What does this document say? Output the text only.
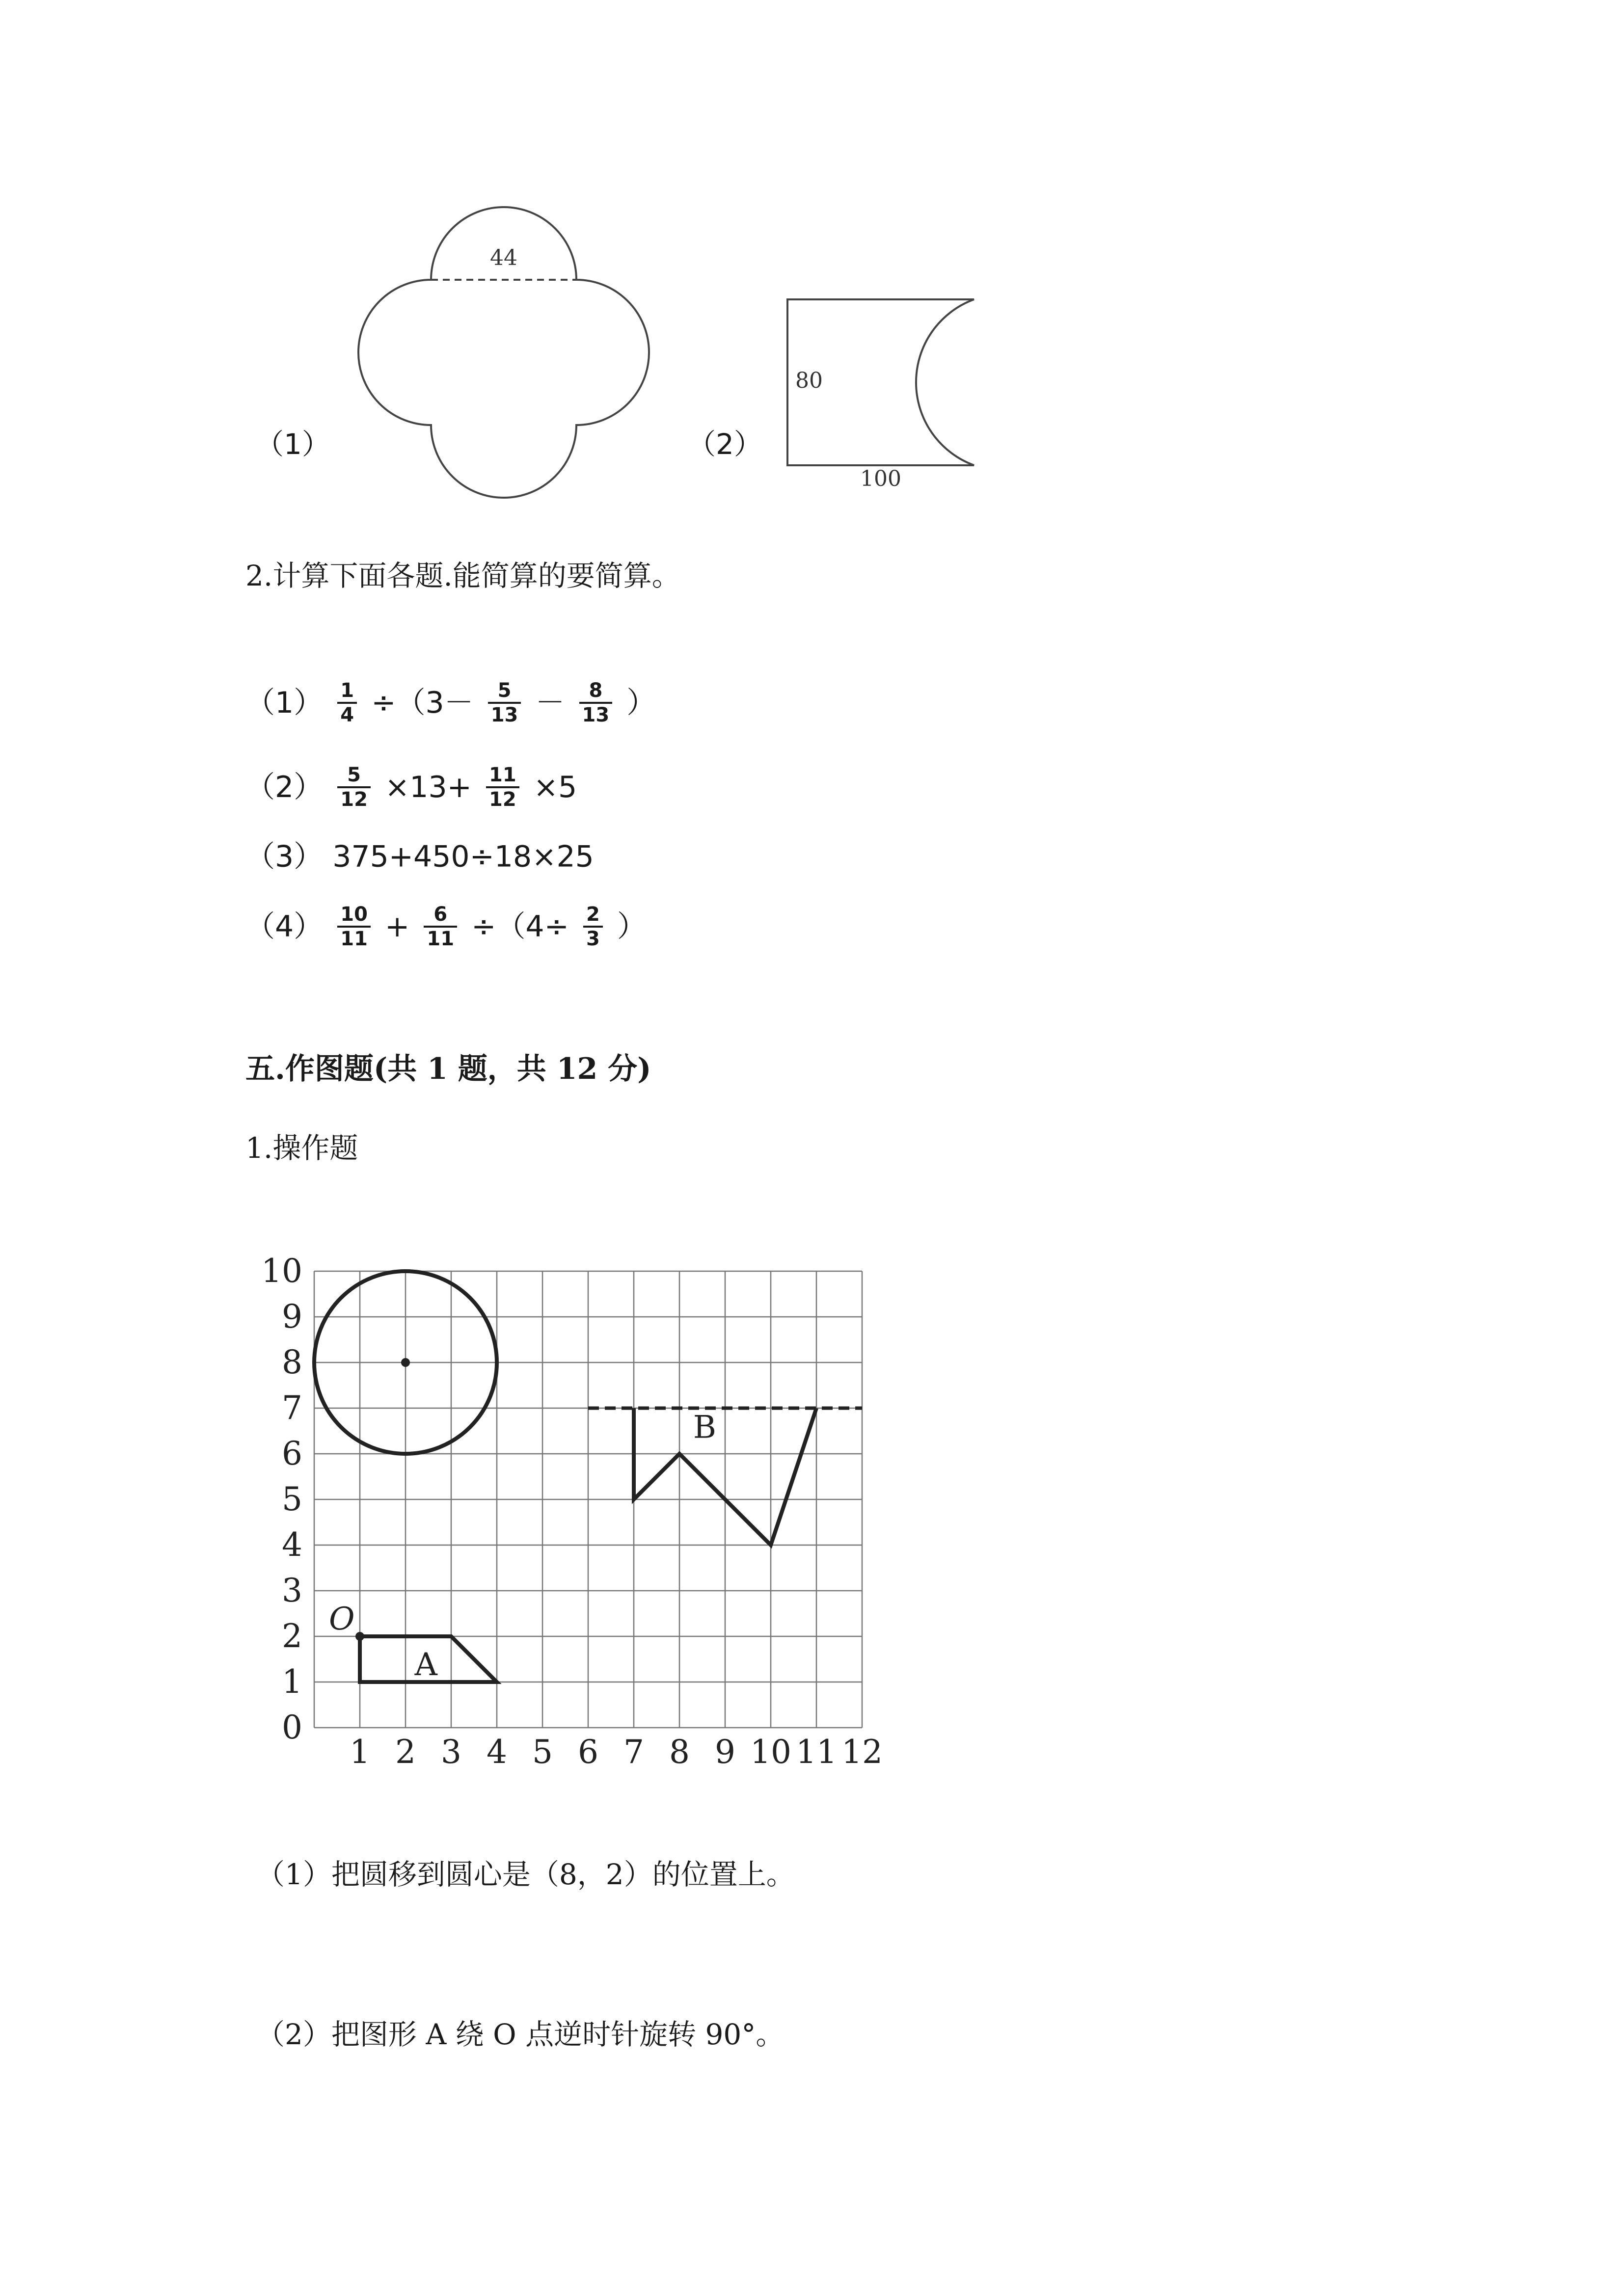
44
（1）
80
100
（2）
2.计算下面各题.能简算的要简算。
$(1) \frac{1}{4} \div(3- \frac{5}{13} - \frac{8}{13}$ ）
$(2) \frac{5}{12} \times 13+ \frac{11}{12} \times 5$
（3） 375+450÷18×25
$(4) \frac{10}{11} + \frac{6}{11} \div(4\div \frac{2}{3}$ ）
五.作图题(共 1 题，共 12 分)
1.操作题
1 2 3 4 5 6 7 8 9 10 11 12
0
1
2
3
4
5
6
7
8
9
10
O
A
B
（1）把圆移到圆心是（8，2）的位置上。
（2）把图形 A 绕 O 点逆时针旋转 90°。
